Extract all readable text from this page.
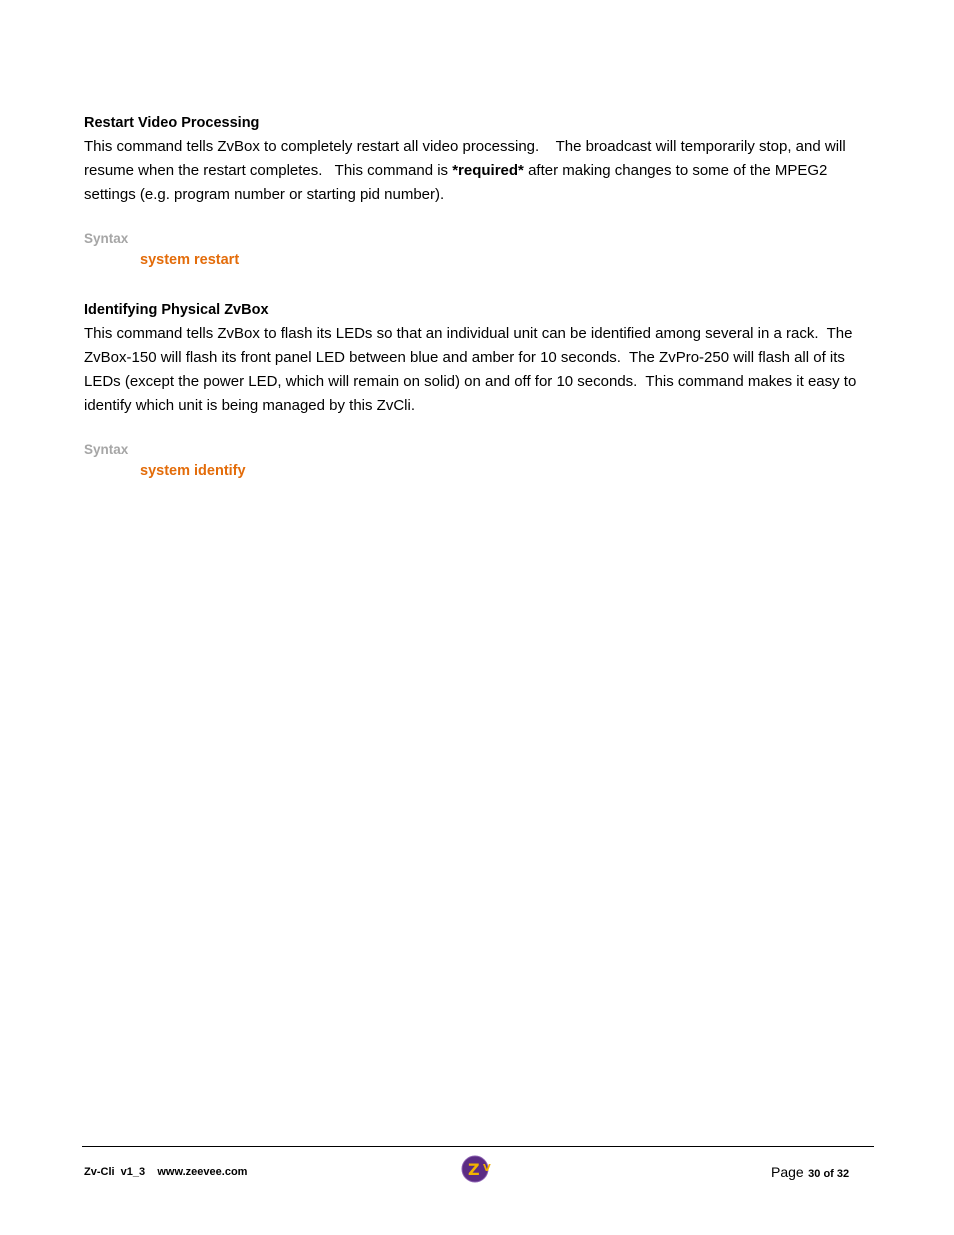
Restart Video Processing

This command tells ZvBox to completely restart all video processing.    The broadcast will temporarily stop, and will resume when the restart completes.   This command is *required* after making changes to some of the MPEG2 settings (e.g. program number or starting pid number).

Syntax
system restart

Identifying Physical ZvBox

This command tells ZvBox to flash its LEDs so that an individual unit can be identified among several in a rack.  The ZvBox-150 will flash its front panel LED between blue and amber for 10 seconds.  The ZvPro-250 will flash all of its LEDs (except the power LED, which will remain on solid) on and off for 10 seconds.  This command makes it easy to identify which unit is being managed by this ZvCli.

Syntax
system identify
Zv-Cli  v1_3    www.zeevee.com	Z V	Page 30 of 32
